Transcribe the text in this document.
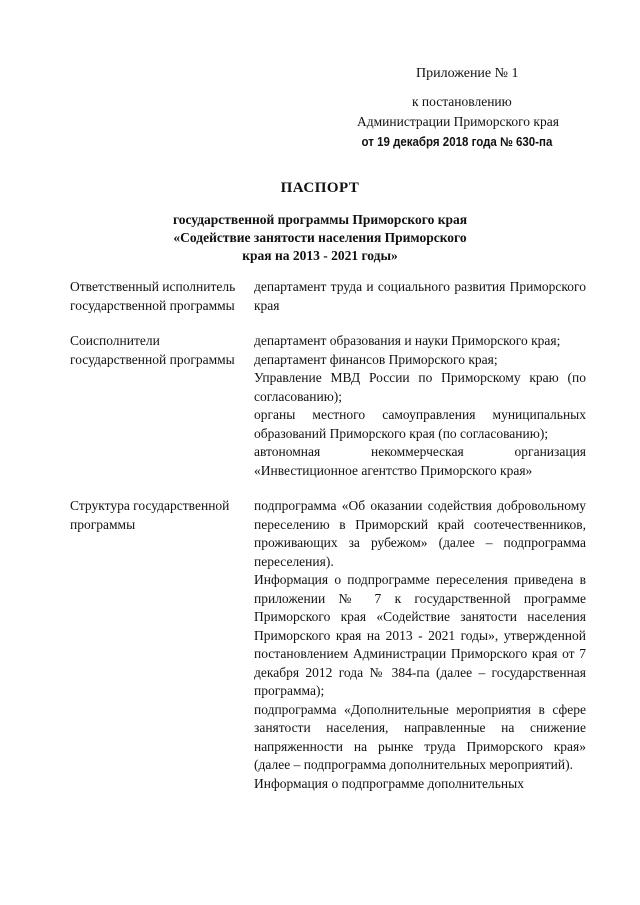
Приложение № 1
к постановлению
Администрации Приморского края
от 19 декабря 2018 года № 630-па
ПАСПОРТ
государственной программы Приморского края
«Содействие занятости населения Приморского
края на 2013 - 2021 годы»
Ответственный исполнитель государственной программы

департамент труда и социального развития Приморского края

Соисполнители государственной программы

департамент образования и науки Приморского края;

департамент финансов Приморского края;

Управление МВД России по Приморскому краю (по согласованию);

органы местного самоуправления муниципальных образований Приморского края (по согласованию);

автономная некоммерческая организация «Инвестиционное агентство Приморского края»

Структура государственной программы

подпрограмма «Об оказании содействия добровольному переселению в Приморский край соотечественников, проживающих за рубежом» (далее – подпрограмма переселения).

Информация о подпрограмме переселения приведена в приложении № 7 к государственной программе Приморского края «Содействие занятости населения Приморского края на 2013 - 2021 годы», утвержденной постановлением Администрации Приморского края от 7 декабря 2012 года № 384-па (далее – государственная программа);

подпрограмма «Дополнительные мероприятия в сфере занятости населения, направленные на снижение напряженности на рынке труда Приморского края» (далее – подпрограмма дополнительных мероприятий).

Информация о подпрограмме дополнительных
